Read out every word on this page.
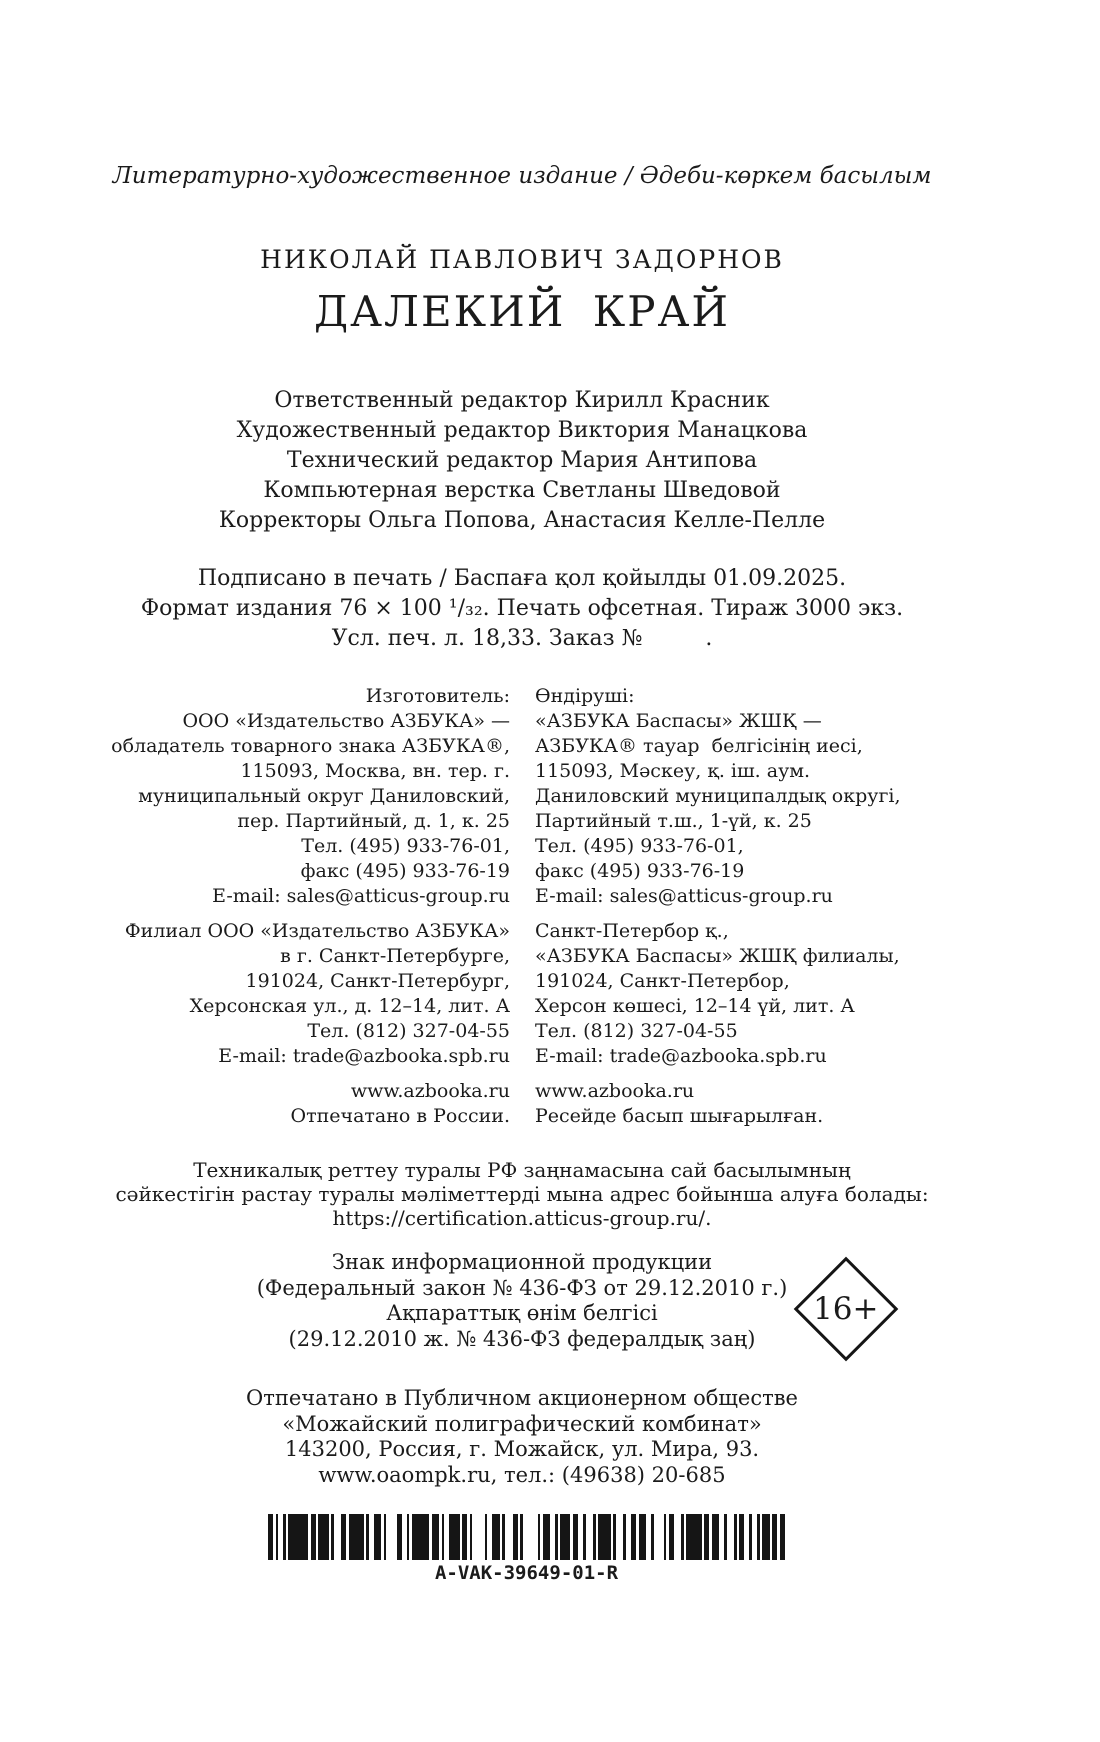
Литературно-художественное издание / Әдеби-көркем басылым
НИКОЛАЙ ПАВЛОВИЧ ЗАДОРНОВ
ДАЛЕКИЙ КРАЙ
Ответственный редактор Кирилл Красник
Художественный редактор Виктория Манацкова
Технический редактор Мария Антипова
Компьютерная верстка Светланы Шведовой
Корректоры Ольга Попова, Анастасия Келле-Пелле
Подписано в печать / Баспаға қол қойылды 01.09.2025.
Формат издания 76 × 100 ¹/₃₂. Печать офсетная. Тираж 3000 экз.
Усл. печ. л. 18,33. Заказ №         .
Изготовитель:
ООО «Издательство АЗБУКА» —
обладатель товарного знака АЗБУКА®,
115093, Москва, вн. тер. г.
муниципальный округ Даниловский,
пер. Партийный, д. 1, к. 25
Тел. (495) 933-76-01,
факс (495) 933-76-19
E-mail: sales@atticus-group.ru
Филиал ООО «Издательство АЗБУКА»
в г. Санкт-Петербурге,
191024, Санкт-Петербург,
Херсонская ул., д. 12–14, лит. А
Тел. (812) 327-04-55
E-mail: trade@azbooka.spb.ru
www.azbooka.ru
Отпечатано в России.
Өндіруші:
«АЗБУКА Баспасы» ЖШҚ —
АЗБУКА® тауар  белгісінің иесі,
115093, Мәскеу, қ. іш. аум.
Даниловский муниципалдық округі,
Партийный т.ш., 1-үй, к. 25
Тел. (495) 933-76-01,
факс (495) 933-76-19
E-mail: sales@atticus-group.ru
Санкт-Петербор қ.,
«АЗБУКА Баспасы» ЖШҚ филиалы,
191024, Санкт-Петербор,
Херсон көшесі, 12–14 үй, лит. А
Тел. (812) 327-04-55
E-mail: trade@azbooka.spb.ru
www.azbooka.ru
Ресейде басып шығарылған.
Техникалық реттеу туралы РФ заңнамасына сай басылымның
сәйкестігін растау туралы мәліметтерді мына адрес бойынша алуға болады:
https://certification.atticus-group.ru/.
Знак информационной продукции
(Федеральный закон № 436-ФЗ от 29.12.2010 г.)
Ақпараттық өнім белгісі
(29.12.2010 ж. № 436-ФЗ федералдық заң)
16+
Отпечатано в Публичном акционерном обществе
«Можайский полиграфический комбинат»
143200, Россия, г. Можайск, ул. Мира, 93.
www.oaompk.ru, тел.: (49638) 20-685
A-VAK-39649-01-R
